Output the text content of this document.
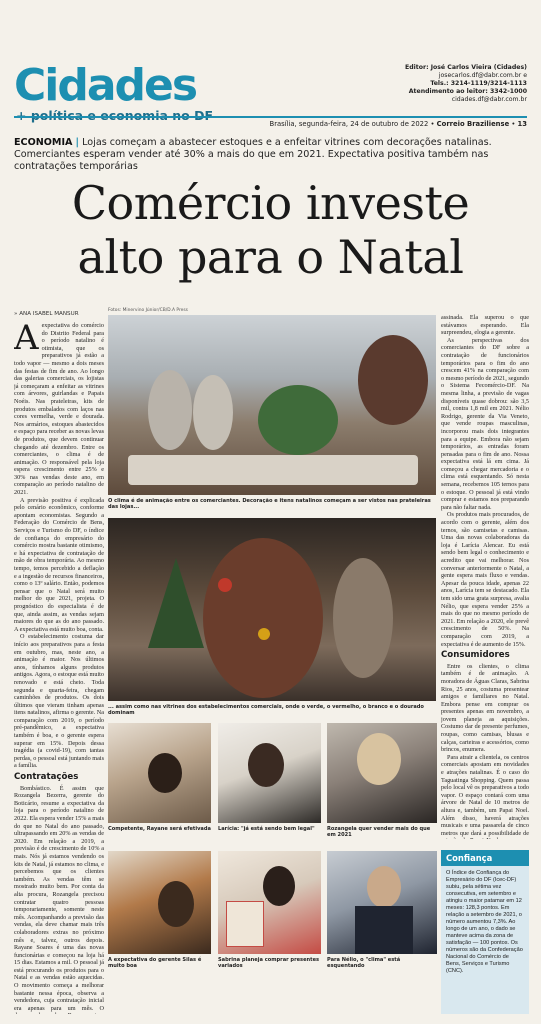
Cidades	Editor: José Carlos Vieira (Cidades)
josecarlos.df@dabr.com.br e
Tels.: 3214-1119/3214-1113
Atendimento ao leitor: 3342-1000
cidades.df@dabr.com.br
Brasília, segunda-feira, 24 de outubro de 2022 • Correio Braziliense • 13
ECONOMIA | Lojas começam a abastecer estoques e a enfeitar vitrines com decorações natalinas. Comerciantes esperam vender até 30% a mais do que em 2021. Expectativa positiva também nas contratações temporárias
Comércio investe
alto para o Natal
» ANA ISABEL MANSUR
Fotos: Minervino Júnior/CB/D.A Press

Aexpectativa do comércio do Distrito Federal para o período natalino é otimista, que os preparativos já estão a todo vapor — mesmo a dois meses das festas de fim de ano. Ao longo das galerias comerciais, os lojistas já começaram a enfeitar as vitrines com árvores, guirlandas e Papais Noéis. Nas prateleiras, kits de produtos embalados com laços nas cores vermelha, verde e dourada. Nos armários, estoques abastecidos e espaço para receber as novas levas de produtos, que devem continuar chegando até dezembro. Entre os comerciantes, o clima é de animação. O responsável pela loja espera crescimento entre 25% e 30% nas vendas deste ano, em comparação ao período natalino de 2021.

A previsão positiva é explicada pelo cenário econômico, conforme apontam economistas. Segundo a Federação do Comércio de Bens, Serviços e Turismo do DF, o índice de confiança do empresário do comércio mostra bastante otimismo, e há expectativa de contratação de mão de obra temporária. Ao mesmo tempo, temos percebido a deflação e a ingestão de recursos financeiros, como o 13º salário. Então, podemos pensar que o Natal será muito melhor do que 2021, projeta. O prognóstico do especialista é de que, ainda assim, as vendas sejam maiores do que as do ano passado. A expectativa está muito boa, conta.

O estabelecimento costuma dar início aos preparativos para a festa em outubro, mas, neste ano, a animação é maior. Nos últimos anos, tínhamos alguns produtos antigos. Agora, o estoque está muito renovado e está cheio. Toda segunda e quarta-feira, chegam caminhões de produtos. Os dois últimos que vieram tinham apenas itens natalinos, afirma o gerente. Na comparação com 2019, o período pré-pandêmico, a expectativa também é boa, e o gerente espera superar em 15%. Depois dessa tragédia (a covid-19), com tantas perdas, o pessoal está juntando mais a família.

Contratações

Bombástico. É assim que Rozangela Bezerra, gerente do Boticário, resume a expectativa da loja para o período natalino de 2022. Ela espera vender 15% a mais do que no Natal do ano passado, ultrapassando em 20% as vendas de 2020. Em relação a 2019, a previsão é de crescimento de 10% a mais. Nós já estamos vendendo os kits de Natal, já estamos no clima, e percebemos que os clientes também. As vendas têm se mostrado muito bem. Por conta da alta procura, Rozangela precisou contratar quatro pessoas temporariamente, somente neste mês. Acompanhando a previsão das vendas, ela deve chamar mais três colaboradores extras no próximo mês e, talvez, outros depois. Rayane Soares é uma das novas funcionárias e começou na loja há 15 dias. Estamos a mil. O pessoal já está procurando os produtos para o Natal e as vendas estão aquecidas. O movimento começa a melhorar bastante nessa época, observa a vendedora, cuja contratação inicial era apenas para um mês. O

O clima é de animação entre os comerciantes. Decoração e itens natalinos começam a ser vistos nas prateleiras das lojas...
... assim como nas vitrines dos estabelecimentos comerciais, onde o verde, o vermelho, o branco e o dourado dominam
Competente, Rayane será efetivada Larícia: "já está sendo bem legal"	Rozangela quer vender mais do que em 2021
A expectativa do gerente Silas é muito boa
Sabrina planeja comprar presentes variados
Para Nélio, o "clima" está esquentando

assinada. Ela superou o que estávamos esperando. Ela surpreendeu, elogia a gerente.

As perspectivas dos comerciantes do DF sobre a contratação de funcionários temporários para o fim do ano crescem 41% na comparação com o mesmo período de 2021, segundo o Sistema Fecomércio-DF. Na mesma linha, a previsão de vagas disponíveis quase dobrou: são 3,5 mil, contra 1,8 mil em 2021. Nélio Rodrigo, gerente da Via Veneto, que vende roupas masculinas, incorporou mais dois integrantes para a equipe. Embora não sejam temporários, as entradas foram pensadas para o fim de ano. Nossa expectativa está lá em cima. Já começou a chegar mercadoria e o clima está esquentando. Só nesta semana, recebemos 105 ternos para o estoque. O pessoal já está vindo comprar e estamos nos preparando para não faltar nada.

Os produtos mais procurados, de acordo com o gerente, além dos ternos, são camisetas e camisas. Uma das novas colaboradoras da loja é Larícia Alencar. Eu está sendo bem legal o conhecimento e acredito que vai melhorar. Nos conversar anteriormente o Natal, a gente espera mais fluxo e vendas. Apesar da pouca idade, apenas 22 anos, Larícia tem se destacado. Ela tem sido uma grata surpresa, avalia Nélio, que espera vender 25% a mais do que no mesmo período de 2021. Em relação a 2020, ele prevê crescimento de 50%. Na comparação com 2019, a expectativa é de aumento de 15%.

Consumidores

Entre os clientes, o clima também é de animação. A moradora de Águas Claras, Sabrina Rios, 25 anos, costuma presentear amigos e familiares no Natal. Embora pense em comprar os presentes apenas em novembro, a jovem planeja as aquisições. Costumo dar de presente perfumes, roupas, como camisas, blusas e calças, carteiras e acessórios, como brincos, enumera.

Para atrair a clientela, os centros comerciais apostam em novidades e atrações natalinas. É o caso do Taguatinga Shopping. Quem passa pelo local vê os preparativos a todo vapor. O espaço contará com uma árvore de Natal de 10 metros de altura e, também, um Papai Noel. Além disso, haverá atrações musicais e uma passarela de cinco metros que dará a possibilidade de

Confiança
O Índice de Confiança do Empresário do DF (Icec-DF) subiu, pela sétima vez consecutiva, em setembro e atingiu o maior patamar em 12 meses: 128,3 pontos. Em relação a setembro de 2021, o número aumentou 7,3%. Ao longo de um ano, o dado se manteve acima da zona de satisfação — 100 pontos. Os números são da Confederação Nacional do Comércio de Bens, Serviços e Turismo (CNC).
